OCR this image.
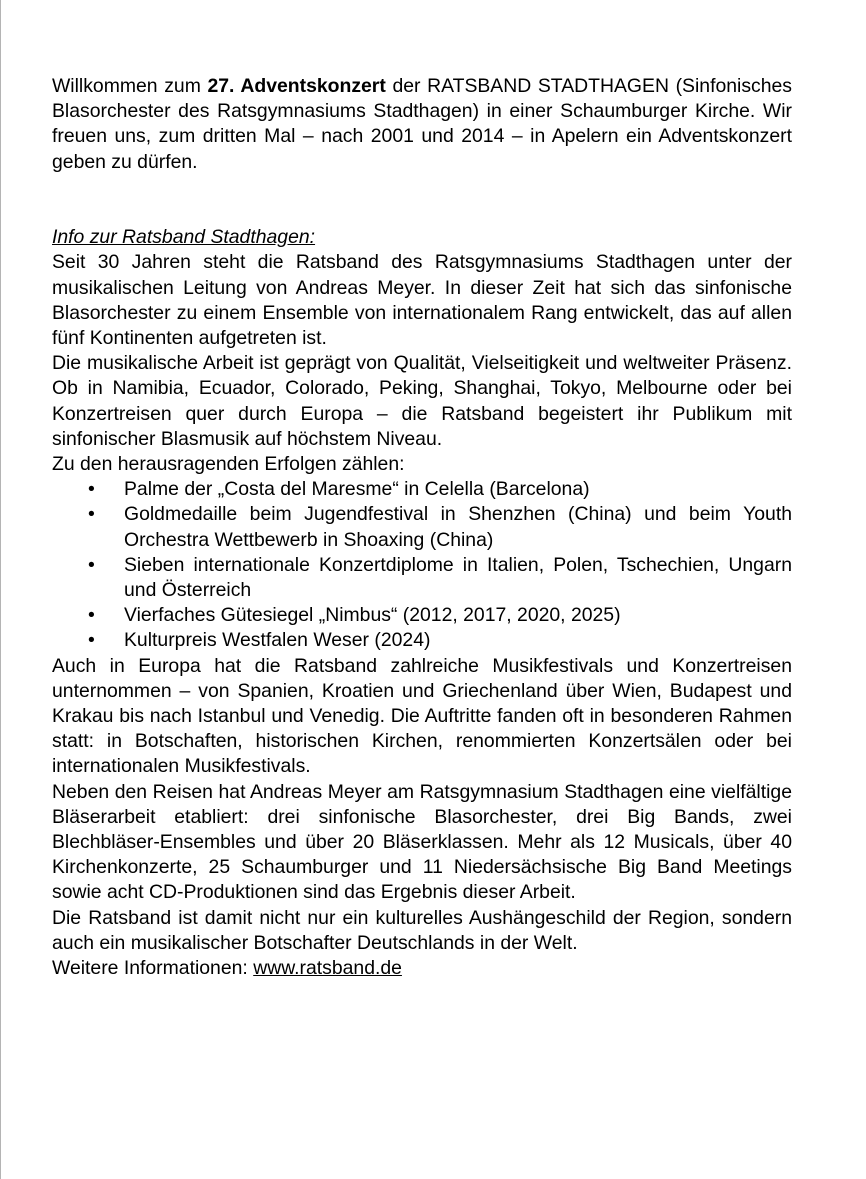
Willkommen zum 27. Adventskonzert der RATSBAND STADTHAGEN (Sinfonisches Blasorchester des Ratsgymnasiums Stadthagen) in einer Schaumburger Kirche. Wir freuen uns, zum dritten Mal – nach 2001 und 2014 – in Apelern ein Adventskonzert geben zu dürfen.

Info zur Ratsband Stadthagen:

Seit 30 Jahren steht die Ratsband des Ratsgymnasiums Stadthagen unter der musikalischen Leitung von Andreas Meyer. In dieser Zeit hat sich das sinfonische Blasorchester zu einem Ensemble von internationalem Rang entwickelt, das auf allen fünf Kontinenten aufgetreten ist.

Die musikalische Arbeit ist geprägt von Qualität, Vielseitigkeit und weltweiter Präsenz. Ob in Namibia, Ecuador, Colorado, Peking, Shanghai, Tokyo, Melbourne oder bei Konzertreisen quer durch Europa – die Ratsband begeistert ihr Publikum mit sinfonischer Blasmusik auf höchstem Niveau.

Zu den herausragenden Erfolgen zählen:

• Palme der „Costa del Maresme“ in Celella (Barcelona)
• Goldmedaille beim Jugendfestival in Shenzhen (China) und beim Youth Orchestra Wettbewerb in Shoaxing (China)
• Sieben internationale Konzertdiplome in Italien, Polen, Tschechien, Ungarn und Österreich
• Vierfaches Gütesiegel „Nimbus“ (2012, 2017, 2020, 2025)
• Kulturpreis Westfalen Weser (2024)

Auch in Europa hat die Ratsband zahlreiche Musikfestivals und Konzertreisen unternommen – von Spanien, Kroatien und Griechenland über Wien, Budapest und Krakau bis nach Istanbul und Venedig. Die Auftritte fanden oft in besonderen Rahmen statt: in Botschaften, historischen Kirchen, renommierten Konzertsälen oder bei internationalen Musikfestivals.

Neben den Reisen hat Andreas Meyer am Ratsgymnasium Stadthagen eine vielfältige Bläserarbeit etabliert: drei sinfonische Blasorchester, drei Big Bands, zwei Blechbläser-Ensembles und über 20 Bläserklassen. Mehr als 12 Musicals, über 40 Kirchenkonzerte, 25 Schaumburger und 11 Niedersächsische Big Band Meetings sowie acht CD-Produktionen sind das Ergebnis dieser Arbeit.

Die Ratsband ist damit nicht nur ein kulturelles Aushängeschild der Region, sondern auch ein musikalischer Botschafter Deutschlands in der Welt.

Weitere Informationen: www.ratsband.de
